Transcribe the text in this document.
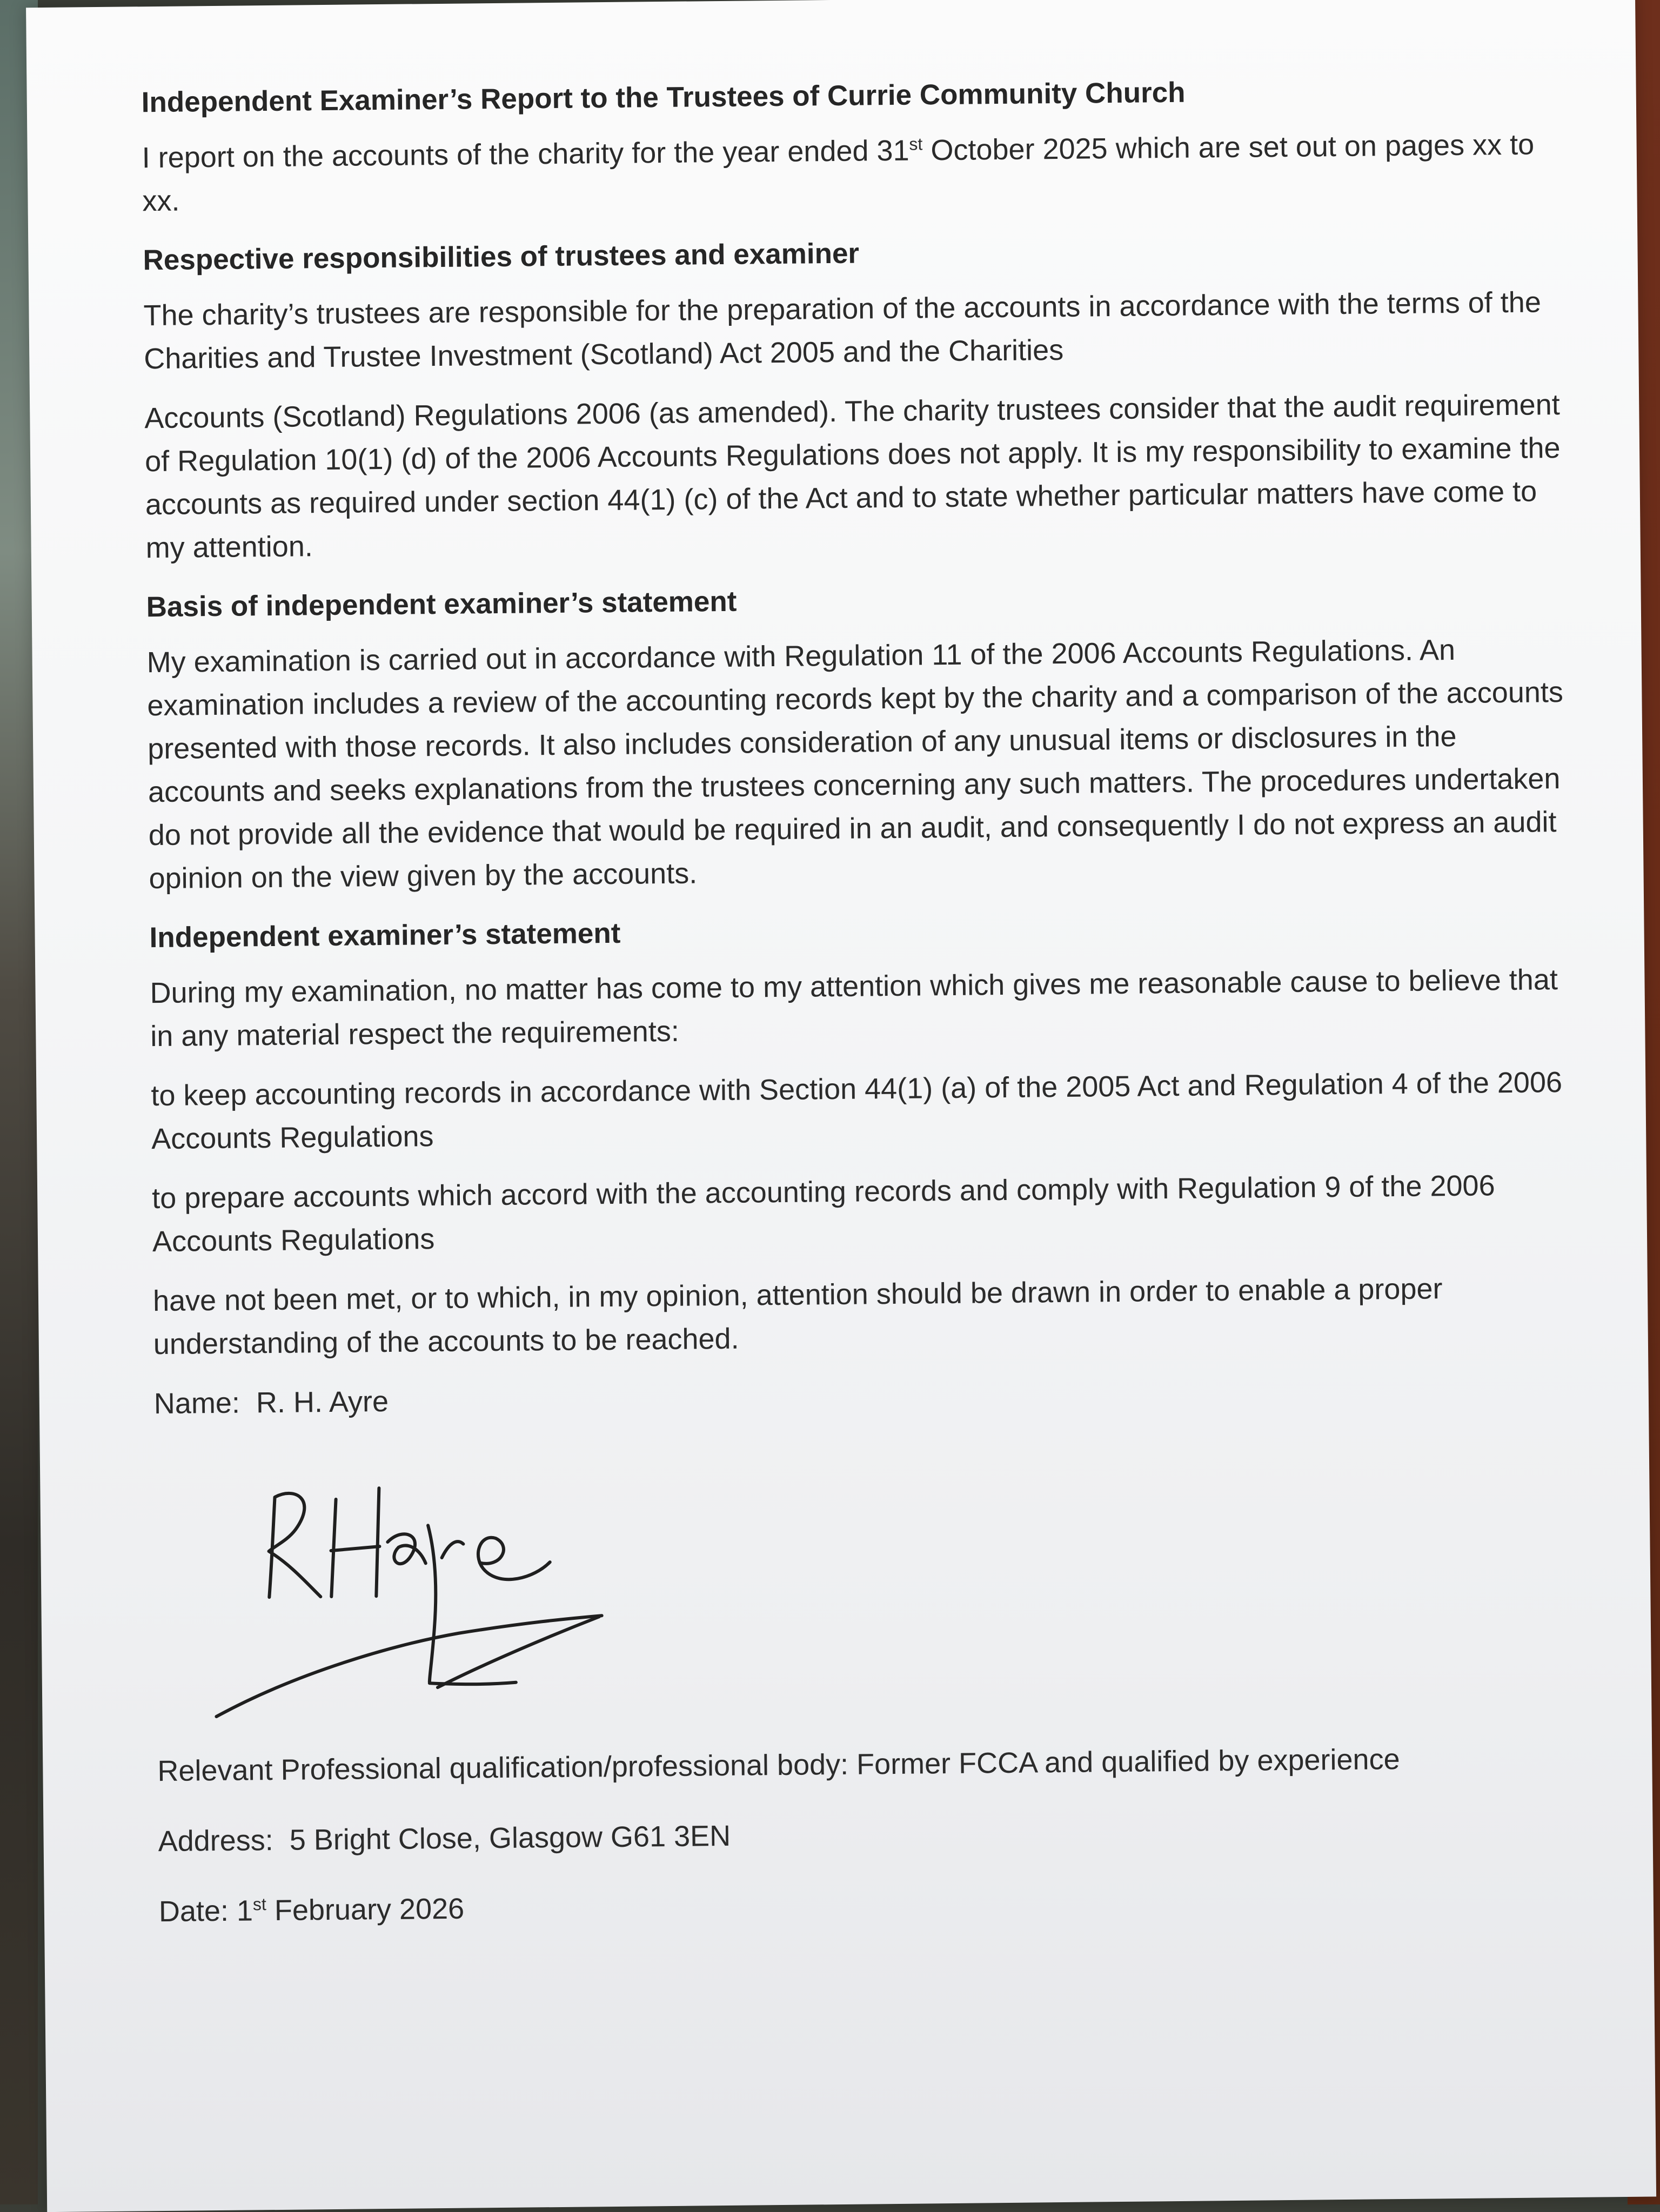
Independent Examiner’s Report to the Trustees of Currie Community Church

I report on the accounts of the charity for the year ended 31st October 2025 which are set out on pages xx to xx.

Respective responsibilities of trustees and examiner

The charity’s trustees are responsible for the preparation of the accounts in accordance with the terms of the Charities and Trustee Investment (Scotland) Act 2005 and the Charities

Accounts (Scotland) Regulations 2006 (as amended). The charity trustees consider that the audit requirement of Regulation 10(1) (d) of the 2006 Accounts Regulations does not apply. It is my responsibility to examine the accounts as required under section 44(1) (c) of the Act and to state whether particular matters have come to my attention.

Basis of independent examiner’s statement

My examination is carried out in accordance with Regulation 11 of the 2006 Accounts Regulations. An examination includes a review of the accounting records kept by the charity and a comparison of the accounts presented with those records. It also includes consideration of any unusual items or disclosures in the accounts and seeks explanations from the trustees concerning any such matters. The procedures undertaken do not provide all the evidence that would be required in an audit, and consequently I do not express an audit opinion on the view given by the accounts.

Independent examiner’s statement

During my examination, no matter has come to my attention which gives me reasonable cause to believe that in any material respect the requirements:

to keep accounting records in accordance with Section 44(1) (a) of the 2005 Act and Regulation 4 of the 2006 Accounts Regulations

to prepare accounts which accord with the accounting records and comply with Regulation 9 of the 2006 Accounts Regulations

have not been met, or to which, in my opinion, attention should be drawn in order to enable a proper understanding of the accounts to be reached.

Name: R. H. Ayre
Relevant Professional qualification/professional body: Former FCCA and qualified by experience
Address: 5 Bright Close, Glasgow G61 3EN
Date: 1st February 2026
